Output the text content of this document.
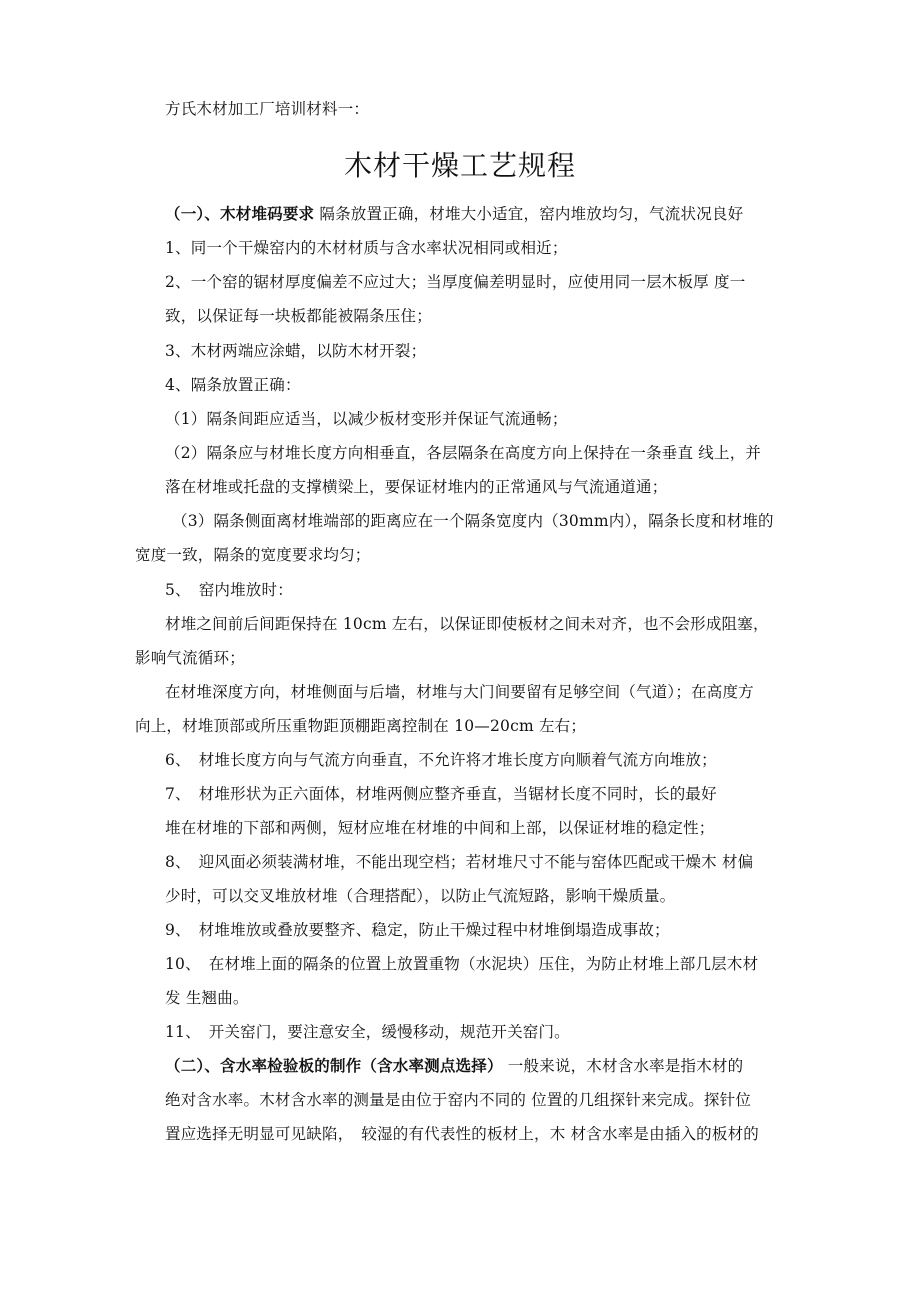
方氏木材加工厂培训材料一：
木材干燥工艺规程
（一）、木材堆码要求 隔条放置正确，材堆大小适宜，窑内堆放均匀，气流状况良好
1、同一个干燥窑内的木材材质与含水率状况相同或相近；
2、一个窑的锯材厚度偏差不应过大；当厚度偏差明显时，应使用同一层木板厚 度一
致，以保证每一块板都能被隔条压住；
3、木材两端应涂蜡，以防木材开裂；
4、隔条放置正确：
（1）隔条间距应适当，以减少板材变形并保证气流通畅；
（2）隔条应与材堆长度方向相垂直，各层隔条在高度方向上保持在一条垂直 线上，并
落在材堆或托盘的支撑横梁上，要保证材堆内的正常通风与气流通道通；
（3）隔条侧面离材堆端部的距离应在一个隔条宽度内（30mm内），隔条长度和材堆的
宽度一致，隔条的宽度要求均匀；
5、　窑内堆放时：
材堆之间前后间距保持在 10cm 左右，以保证即使板材之间未对齐，也不会形成阻塞，
影响气流循环；
在材堆深度方向，材堆侧面与后墙，材堆与大门间要留有足够空间（气道）；在高度方
向上，材堆顶部或所压重物距顶棚距离控制在 10—20cm 左右；
6、　材堆长度方向与气流方向垂直，不允许将才堆长度方向顺着气流方向堆放；
7、　材堆形状为正六面体，材堆两侧应整齐垂直，当锯材长度不同时，长的最好
堆在材堆的下部和两侧，短材应堆在材堆的中间和上部，以保证材堆的稳定性；
8、　迎风面必须装满材堆，不能出现空档；若材堆尺寸不能与窑体匹配或干燥木 材偏
少时，可以交叉堆放材堆（合理搭配），以防止气流短路，影响干燥质量。
9、　材堆堆放或叠放要整齐、稳定，防止干燥过程中材堆倒塌造成事故；
10、　在材堆上面的隔条的位置上放置重物（水泥块）压住，为防止材堆上部几层木材
发 生翘曲。
11、　开关窑门，要注意安全，缓慢移动，规范开关窑门。
（二）、含水率检验板的制作（含水率测点选择） 一般来说，木材含水率是指木材的
绝对含水率。木材含水率的测量是由位于窑内不同的 位置的几组探针来完成。探针位
置应选择无明显可见缺陷，　较湿的有代表性的板材上，木 材含水率是由插入的板材的
